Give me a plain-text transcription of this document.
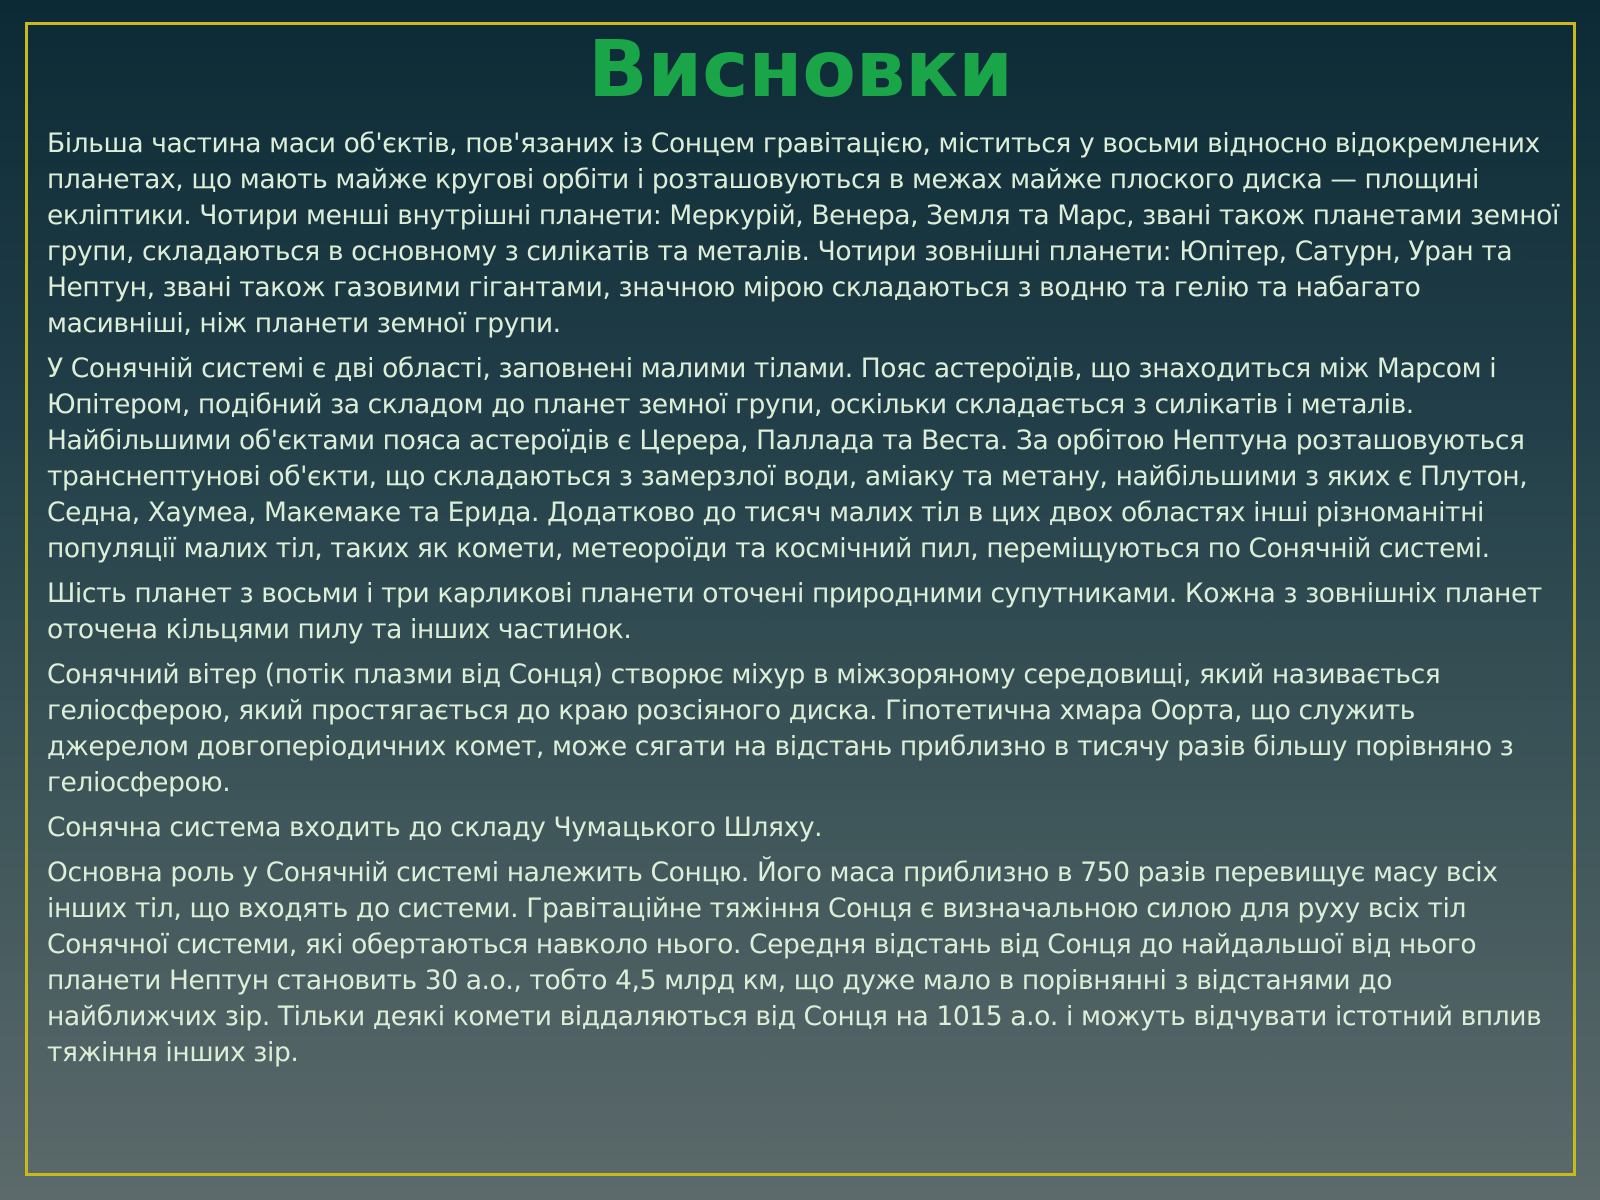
Висновки

Більша частина маси об'єктів, пов'язаних із Сонцем гравітацією, міститься у восьми відносно відокремлених планетах, що мають майже кругові орбіти і розташовуються в межах майже плоского диска — площині екліптики. Чотири менші внутрішні планети: Меркурій, Венера, Земля та Марс, звані також планетами земної групи, складаються в основному з силікатів та металів. Чотири зовнішні планети: Юпітер, Сатурн, Уран та Нептун, звані також газовими гігантами, значною мірою складаються з водню та гелію та набагато масивніші, ніж планети земної групи.

У Сонячній системі є дві області, заповнені малими тілами. Пояс астероїдів, що знаходиться між Марсом і Юпітером, подібний за складом до планет земної групи, оскільки складається з силікатів і металів. Найбільшими об'єктами пояса астероїдів є Церера, Паллада та Веста. За орбітою Нептуна розташовуються транснептунові об'єкти, що складаються з замерзлої води, аміаку та метану, найбільшими з яких є Плутон, Седна, Хаумеа, Макемаке та Ерида. Додатково до тисяч малих тіл в цих двох областях інші різноманітні популяції малих тіл, таких як комети, метеороїди та космічний пил, переміщуються по Сонячній системі.

Шість планет з восьми і три карликові планети оточені природними супутниками. Кожна з зовнішніх планет оточена кільцями пилу та інших частинок.

Сонячний вітер (потік плазми від Сонця) створює міхур в міжзоряному середовищі, який називається геліосферою, який простягається до краю розсіяного диска. Гіпотетична хмара Оорта, що служить джерелом довгоперіодичних комет, може сягати на відстань приблизно в тисячу разів більшу порівняно з геліосферою.

Сонячна система входить до складу Чумацького Шляху.

Основна роль у Сонячній системі належить Сонцю. Його маса приблизно в 750 разів перевищує масу всіх інших тіл, що входять до системи. Гравітаційне тяжіння Сонця є визначальною силою для руху всіх тіл Сонячної системи, які обертаються навколо нього. Середня відстань від Сонця до найдальшої від нього планети Нептун становить 30 а.о., тобто 4,5 млрд км, що дуже мало в порівнянні з відстанями до найближчих зір. Тільки деякі комети віддаляються від Сонця на 1015 а.о. і можуть відчувати істотний вплив тяжіння інших зір.
